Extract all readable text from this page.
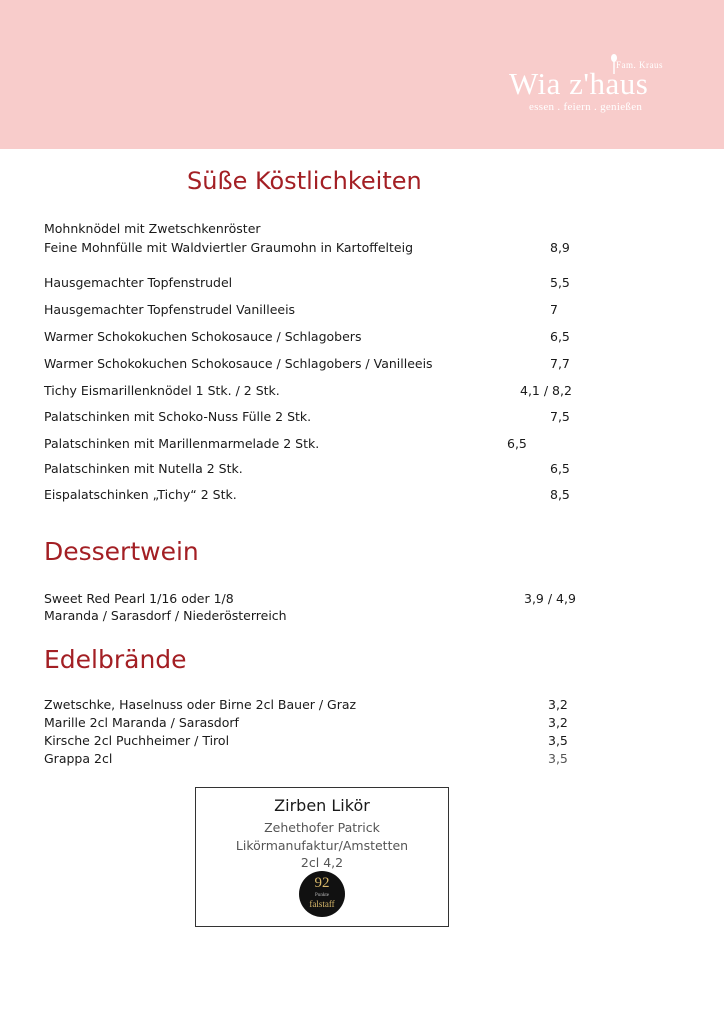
Fam. Kraus
Wia z'haus
essen . feiern . genießen
Süße Köstlichkeiten
Mohnknödel mit Zwetschkenröster
Feine Mohnfülle mit Waldviertler Graumohn in Kartoffelteig	8,9
Hausgemachter Topfenstrudel	5,5
Hausgemachter Topfenstrudel Vanilleeis	7
Warmer Schokokuchen Schokosauce / Schlagobers	6,5
Warmer Schokokuchen Schokosauce / Schlagobers / Vanilleeis	7,7
Tichy Eismarillenknödel 1 Stk. / 2 Stk.	4,1 / 8,2
Palatschinken mit Schoko-Nuss Fülle 2 Stk.	7,5
Palatschinken mit Marillenmarmelade 2 Stk.	6,5
Palatschinken mit Nutella 2 Stk.	6,5
Eispalatschinken „Tichy“ 2 Stk.	8,5
Dessertwein
Sweet Red Pearl 1/16 oder 1/8	3,9 / 4,9
Maranda / Sarasdorf / Niederösterreich
Edelbrände
Zwetschke, Haselnuss oder Birne 2cl Bauer / Graz	3,2
Marille 2cl Maranda / Sarasdorf	3,2
Kirsche 2cl Puchheimer / Tirol	3,5
Grappa 2cl	3,5
Zirben Likör
Zehethofer Patrick
Likörmanufaktur/Amstetten
2cl 4,2
92
Punkte
falstaff
